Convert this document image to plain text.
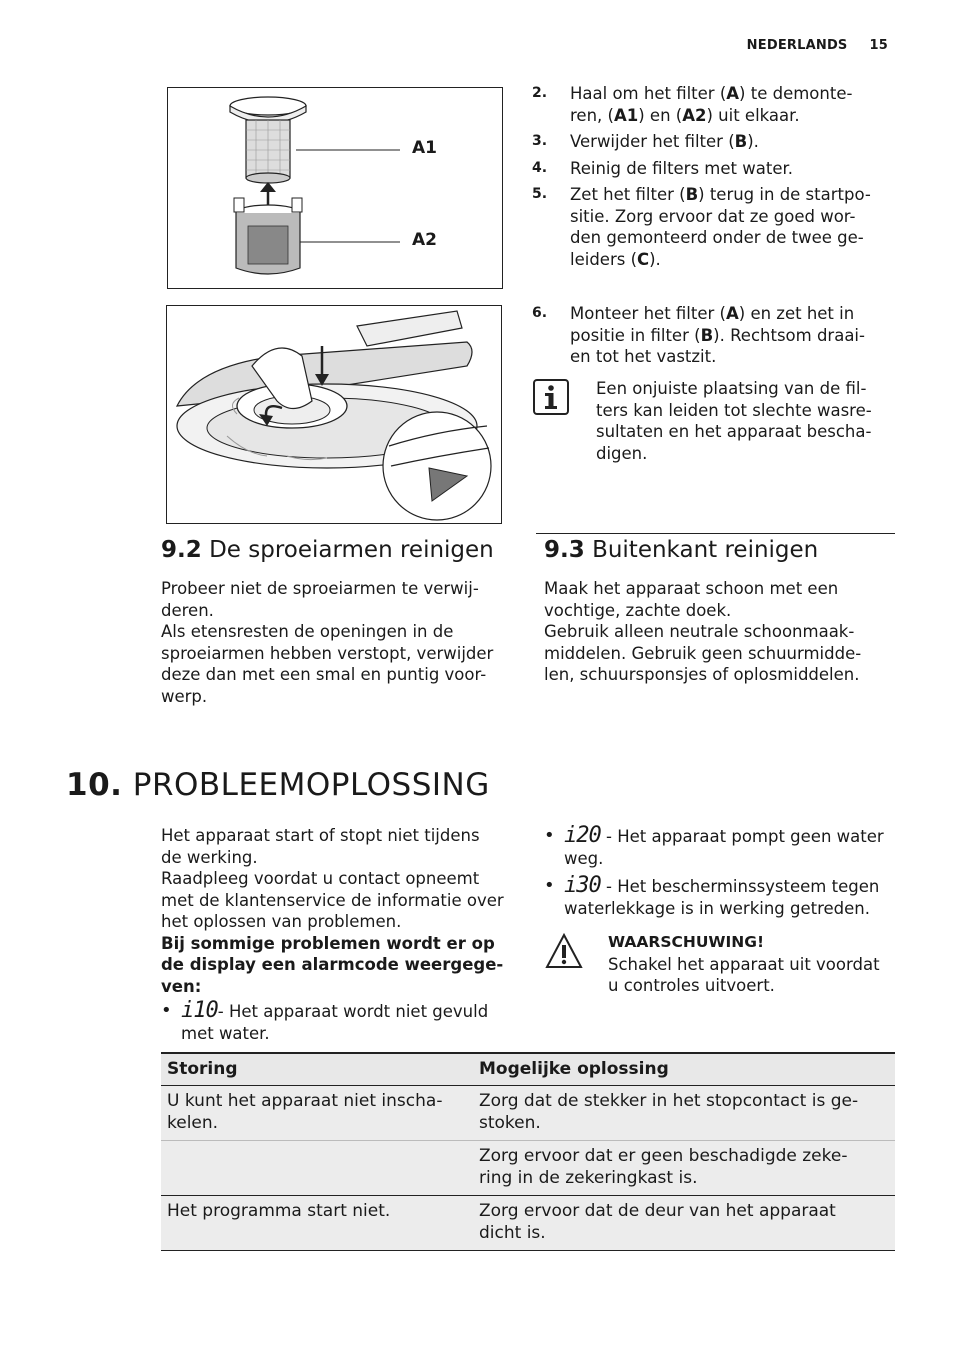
NEDERLANDS 15
A1
A2
2.	Haal om het filter (A) te demonte-
ren, (A1) en (A2) uit elkaar.
3.	Verwijder het filter (B).
4.	Reinig de filters met water.
5.	Zet het filter (B) terug in de startpo-
sitie. Zorg ervoor dat ze goed wor-
den gemonteerd onder de twee ge-
leiders (C).
6.	Monteer het filter (A) en zet het in
positie in filter (B). Rechtsom draai-
en tot het vastzit.
Een onjuiste plaatsing van de fil-
ters kan leiden tot slechte wasre-
sultaten en het apparaat bescha-
digen.
9.2 De sproeiarmen reinigen

Probeer niet de sproeiarmen te verwij-
deren.

Als etensresten de openingen in de
sproeiarmen hebben verstopt, verwijder
deze dan met een smal en puntig voor-
werp.

9.3 Buitenkant reinigen

Maak het apparaat schoon met een
vochtige, zachte doek.

Gebruik alleen neutrale schoonmaak-
middelen. Gebruik geen schuurmidde-
len, schuursponsjes of oplosmiddelen.

10. PROBLEEMOPLOSSING

Het apparaat start of stopt niet tijdens
de werking.

Raadpleeg voordat u contact opneemt
met de klantenservice de informatie over
het oplossen van problemen.

Bij sommige problemen wordt er op
de display een alarmcode weergege-
ven:

• i10- Het apparaat wordt niet gevuld
met water.
• i20 - Het apparaat pompt geen water
weg.
• i30 - Het bescherminssysteem tegen
waterlekkage is in werking getreden.
WAARSCHUWING!
Schakel het apparaat uit voordat
u controles uitvoert.
Storing	Mogelijke oplossing
U kunt het apparaat niet inscha-
kelen.	Zorg dat de stekker in het stopcontact is ge-
stoken.
	Zorg ervoor dat er geen beschadigde zeke-
ring in de zekeringkast is.
Het programma start niet.	Zorg ervoor dat de deur van het apparaat
dicht is.
